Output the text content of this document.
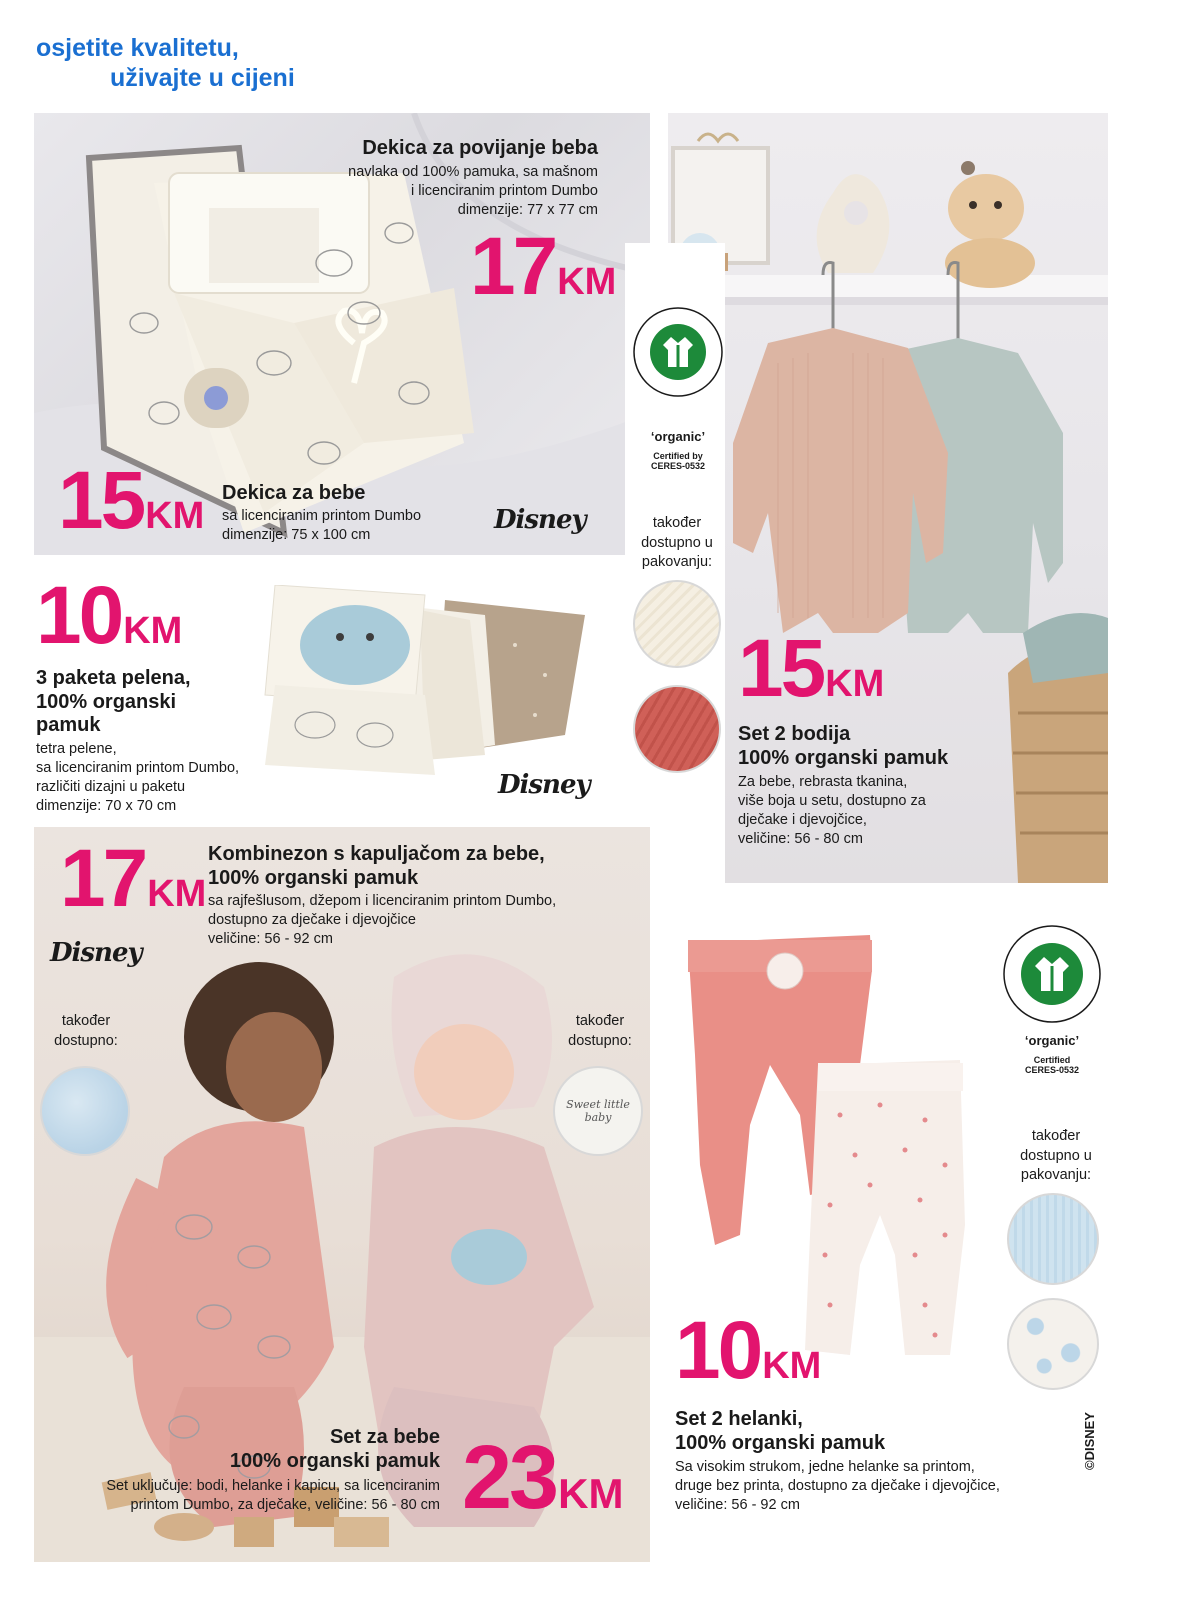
osjetite kvalitetu,
uživajte u cijeni
Dekica za povijanje beba
navlaka od 100% pamuka, sa mašnom
i licenciranim printom Dumbo
dimenzije: 77 x 77 cm
17KM
15KM
Dekica za bebe
sa licenciranim printom Dumbo
dimenzije: 75 x 100 cm	Disney
‘organic’
Certified by
CERES-0532
također
dostupno u
pakovanju:
15KM
Set 2 bodija
100% organski pamuk
Za bebe, rebrasta tkanina,
više boja u setu, dostupno za
dječake i djevojčice,
veličine: 56 - 80 cm
10KM
3 paketa pelena,
100% organski
pamuk
tetra pelene,
sa licenciranim printom Dumbo,
različiti dizajni u paketu
dimenzije: 70 x 70 cm
Disney
17KM
Kombinezon s kapuljačom za bebe,
100% organski pamuk
sa rajfešlusom, džepom i licenciranim printom Dumbo,
dostupno za dječake i djevojčice
veličine: 56 - 92 cm
Disney
također
dostupno:
također
dostupno:
Sweet little baby
Set za bebe
100% organski pamuk
Set uključuje: bodi, helanke i kapicu, sa licenciranim
printom Dumbo, za dječake, veličine: 56 - 80 cm 23KM
‘organic’
Certified
CERES-0532
također
dostupno u
pakovanju:
10KM
Set 2 helanki,
100% organski pamuk
Sa visokim strukom, jedne helanke sa printom,
druge bez printa, dostupno za dječake i djevojčice,
veličine: 56 - 92 cm
©DISNEY
